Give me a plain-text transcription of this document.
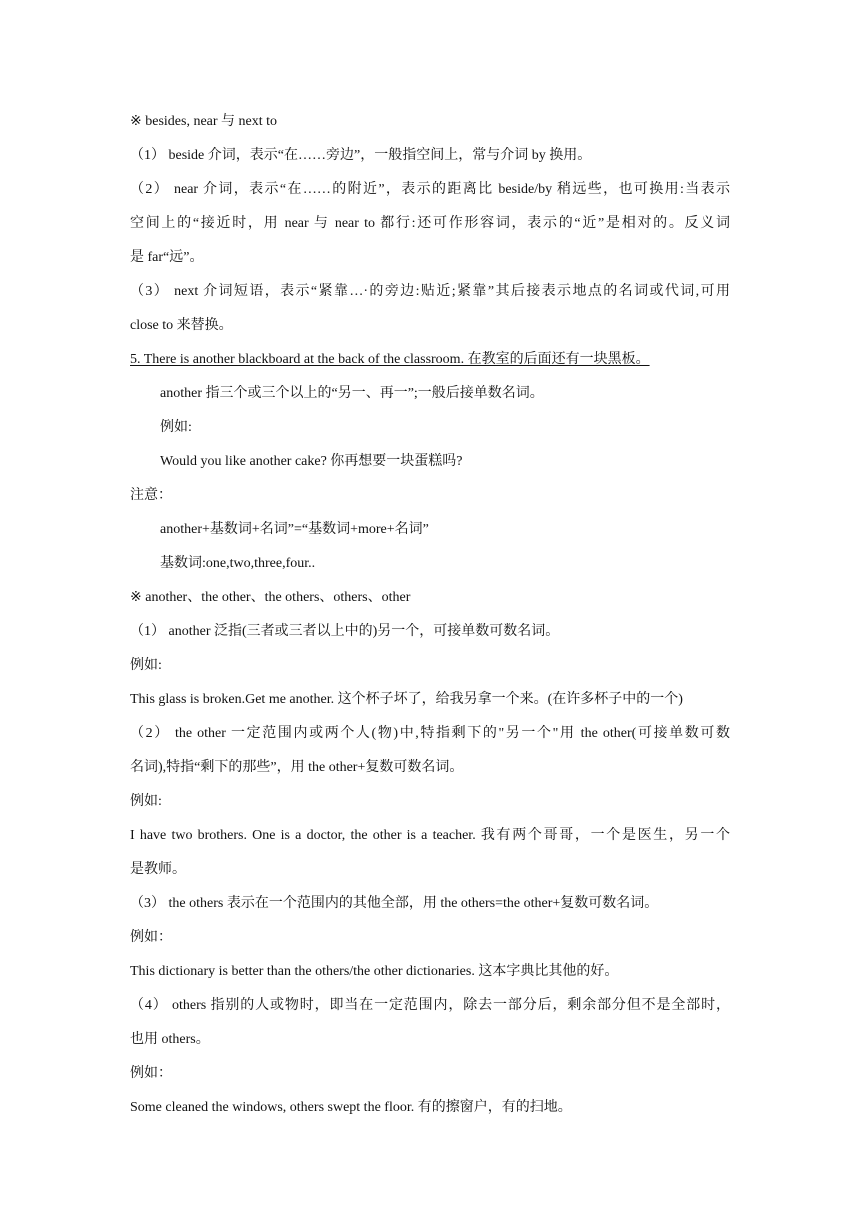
※ besides, near 与 next to
（1） beside 介词，表示“在……旁边”，一般指空间上，常与介词 by 换用。
（2） near 介词，表示“在……的附近”，表示的距离比 beside/by 稍远些，也可换用:当表示
空间上的“接近时，用 near 与 near to 都行:还可作形容词，表示的“近”是相对的。反义词
是 far“远”。
（3） next 介词短语，表示“紧靠…·的旁边:贴近;紧靠”其后接表示地点的名词或代词,可用
close to 来替换。
5. There is another blackboard at the back of the classroom. 在教室的后面还有一块黑板。
another 指三个或三个以上的“另一、再一”;一般后接单数名词。
例如:
Would you like another cake? 你再想要一块蛋糕吗?
注意：
another+基数词+名词”=“基数词+more+名词”
基数词:one,two,three,four..
※ another、the other、the others、others、other
（1） another 泛指(三者或三者以上中的)另一个，可接单数可数名词。
例如:
This glass is broken.Get me another. 这个杯子坏了，给我另拿一个来。(在许多杯子中的一个)
（2） the other 一定范围内或两个人(物)中,特指剩下的"另一个"用 the other(可接单数可数
名词),特指“剩下的那些”，用 the other+复数可数名词。
例如:
I have two brothers. One is a doctor, the other is a teacher. 我有两个哥哥，一个是医生，另一个
是教师。
（3） the others 表示在一个范围内的其他全部，用 the others=the other+复数可数名词。
例如：
This dictionary is better than the others/the other dictionaries. 这本字典比其他的好。
（4） others 指别的人或物时，即当在一定范围内，除去一部分后，剩余部分但不是全部时，
也用 others。
例如：
Some cleaned the windows, others swept the floor. 有的擦窗户，有的扫地。
